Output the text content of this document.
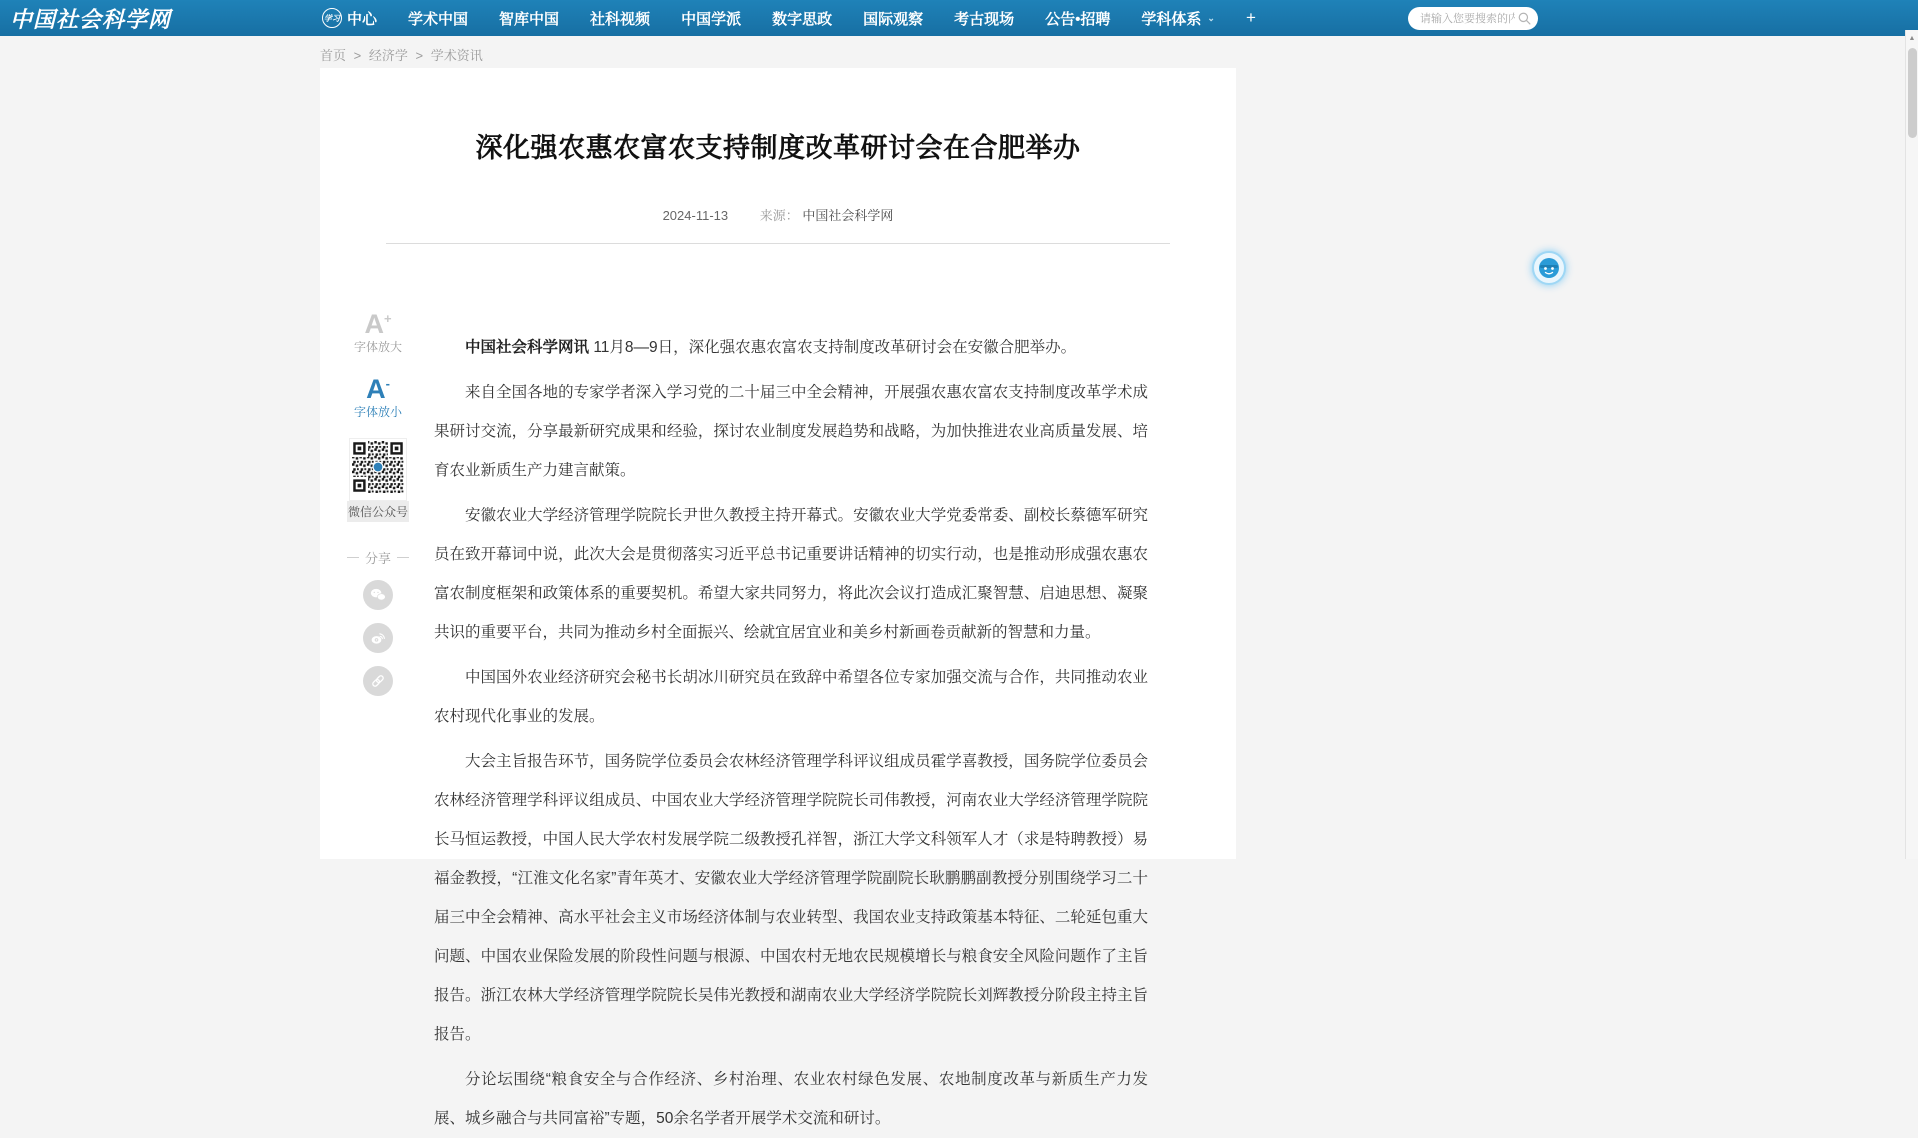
中国社会科学网	学习 中心 学术中国 智库中国 社科视频 中国学派 数字思政 国际观察 考古现场 公告•招聘 学科体系 ⌄ +
请输入您要搜索的内容
▲
首页 > 经济学 > 学术资讯
深化强农惠农富农支持制度改革研讨会在合肥举办
2024-11-13 来源： 中国社会科学网
A+
字体放大
A-
字体放小
微信公众号
分享

中国社会科学网讯 11月8—9日，深化强农惠农富农支持制度改革研讨会在安徽合肥举办。

来自全国各地的专家学者深入学习党的二十届三中全会精神，开展强农惠农富农支持制度改革学术成果研讨交流，分享最新研究成果和经验，探讨农业制度发展趋势和战略，为加快推进农业高质量发展、培育农业新质生产力建言献策。

安徽农业大学经济管理学院院长尹世久教授主持开幕式。安徽农业大学党委常委、副校长蔡德军研究员在致开幕词中说，此次大会是贯彻落实习近平总书记重要讲话精神的切实行动，也是推动形成强农惠农富农制度框架和政策体系的重要契机。希望大家共同努力，将此次会议打造成汇聚智慧、启迪思想、凝聚共识的重要平台，共同为推动乡村全面振兴、绘就宜居宜业和美乡村新画卷贡献新的智慧和力量。

中国国外农业经济研究会秘书长胡冰川研究员在致辞中希望各位专家加强交流与合作，共同推动农业农村现代化事业的发展。

大会主旨报告环节，国务院学位委员会农林经济管理学科评议组成员霍学喜教授，国务院学位委员会农林经济管理学科评议组成员、中国农业大学经济管理学院院长司伟教授，河南农业大学经济管理学院院长马恒运教授，中国人民大学农村发展学院二级教授孔祥智，浙江大学文科领军人才（求是特聘教授）易福金教授，“江淮文化名家”青年英才、安徽农业大学经济管理学院副院长耿鹏鹏副教授分别围绕学习二十届三中全会精神、高水平社会主义市场经济体制与农业转型、我国农业支持政策基本特征、二轮延包重大问题、中国农业保险发展的阶段性问题与根源、中国农村无地农民规模增长与粮食安全风险问题作了主旨报告。浙江农林大学经济管理学院院长吴伟光教授和湖南农业大学经济学院院长刘辉教授分阶段主持主旨报告。

分论坛围绕“粮食安全与合作经济、乡村治理、农业农村绿色发展、农地制度改革与新质生产力发展、城乡融合与共同富裕”专题，50余名学者开展学术交流和研讨。
